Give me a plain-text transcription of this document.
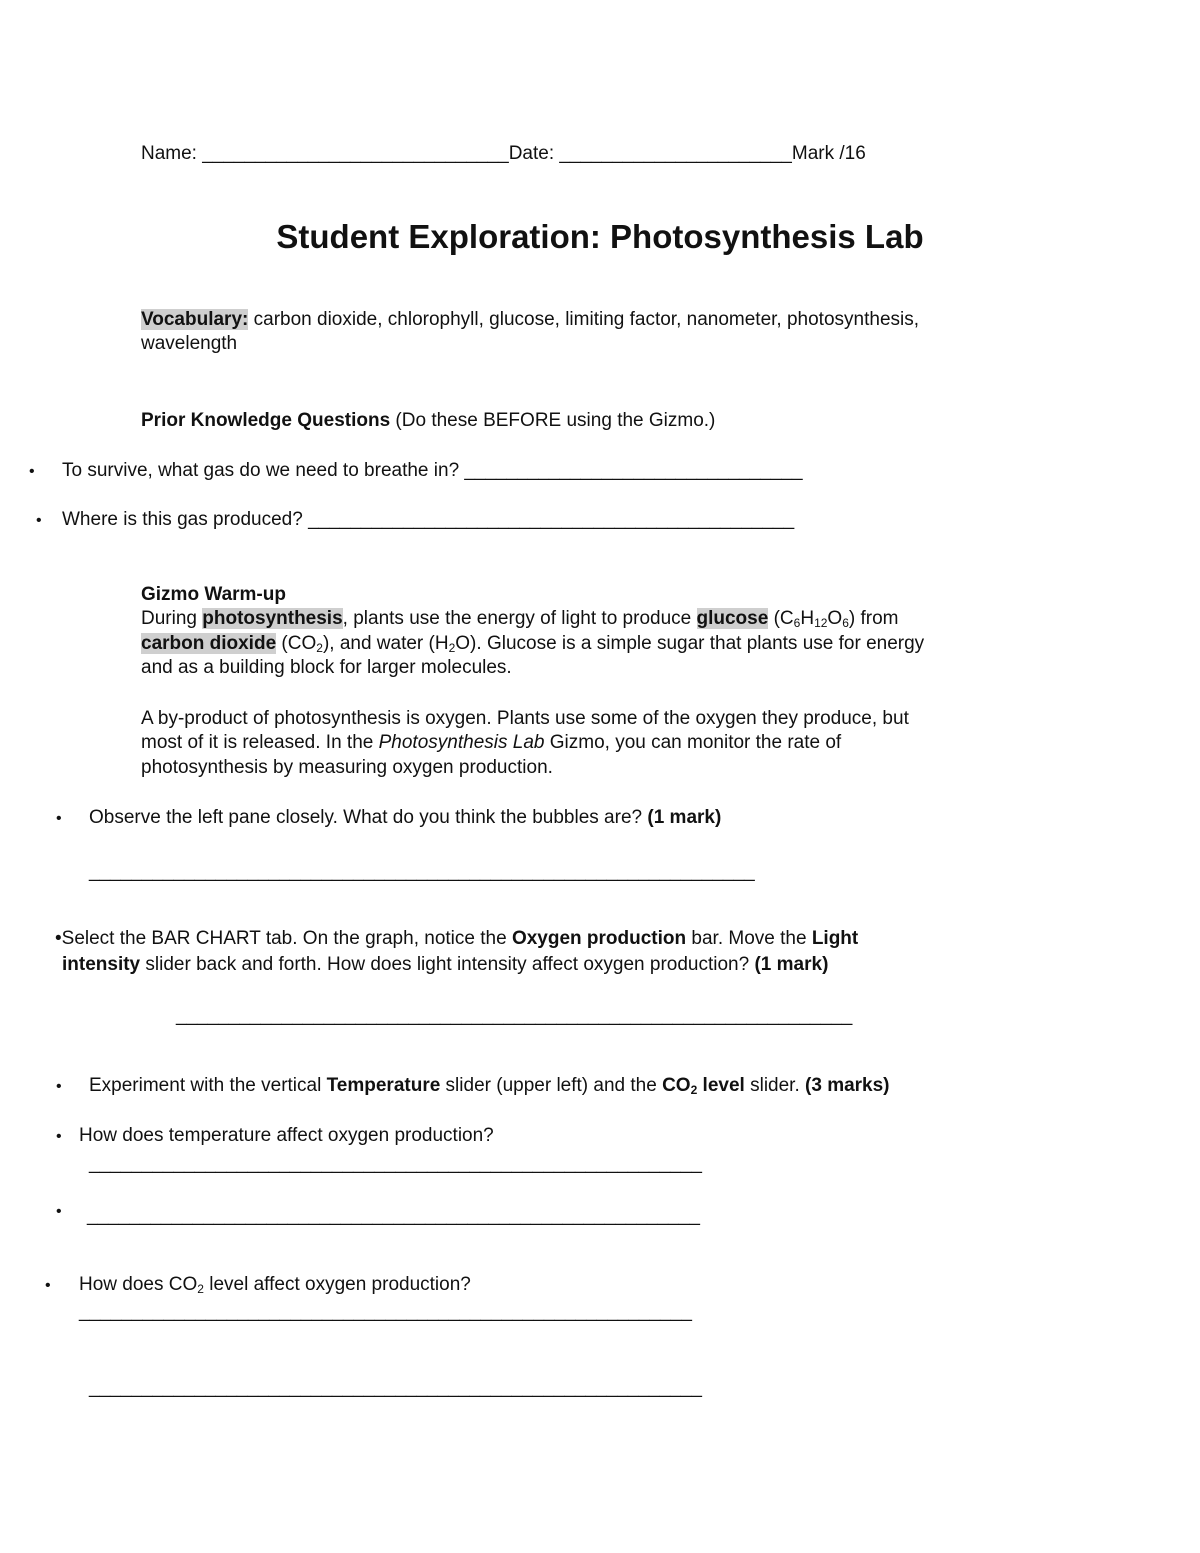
Name: _____________________________Date: ______________________Mark /16
Student Exploration: Photosynthesis Lab
Vocabulary: carbon dioxide, chlorophyll, glucose, limiting factor, nanometer, photosynthesis,
wavelength
Prior Knowledge Questions (Do these BEFORE using the Gizmo.)
• To survive, what gas do we need to breathe in? ________________________________
• Where is this gas produced? ______________________________________________
Gizmo Warm-up
During photosynthesis, plants use the energy of light to produce glucose $(C_6H_{12}O_6)$ from
carbon dioxide $(CO_2)$, and water $(H_2O)$. Glucose is a simple sugar that plants use for energy
and as a building block for larger molecules.
A by-product of photosynthesis is oxygen. Plants use some of the oxygen they produce, but
most of it is released. In the Photosynthesis Lab Gizmo, you can monitor the rate of
photosynthesis by measuring oxygen production.
• Observe the left pane closely. What do you think the bubbles are? (1 mark)
_______________________________________________________________
•Select the BAR CHART tab. On the graph, notice the Oxygen production bar. Move the Light
intensity slider back and forth. How does light intensity affect oxygen production? (1 mark)
________________________________________________________________
• Experiment with the vertical Temperature slider (upper left) and the $CO_2$ level slider. (3 marks)
• How does temperature affect oxygen production?
__________________________________________________________
• __________________________________________________________
• How does $CO_2$ level affect oxygen production?
__________________________________________________________
__________________________________________________________
